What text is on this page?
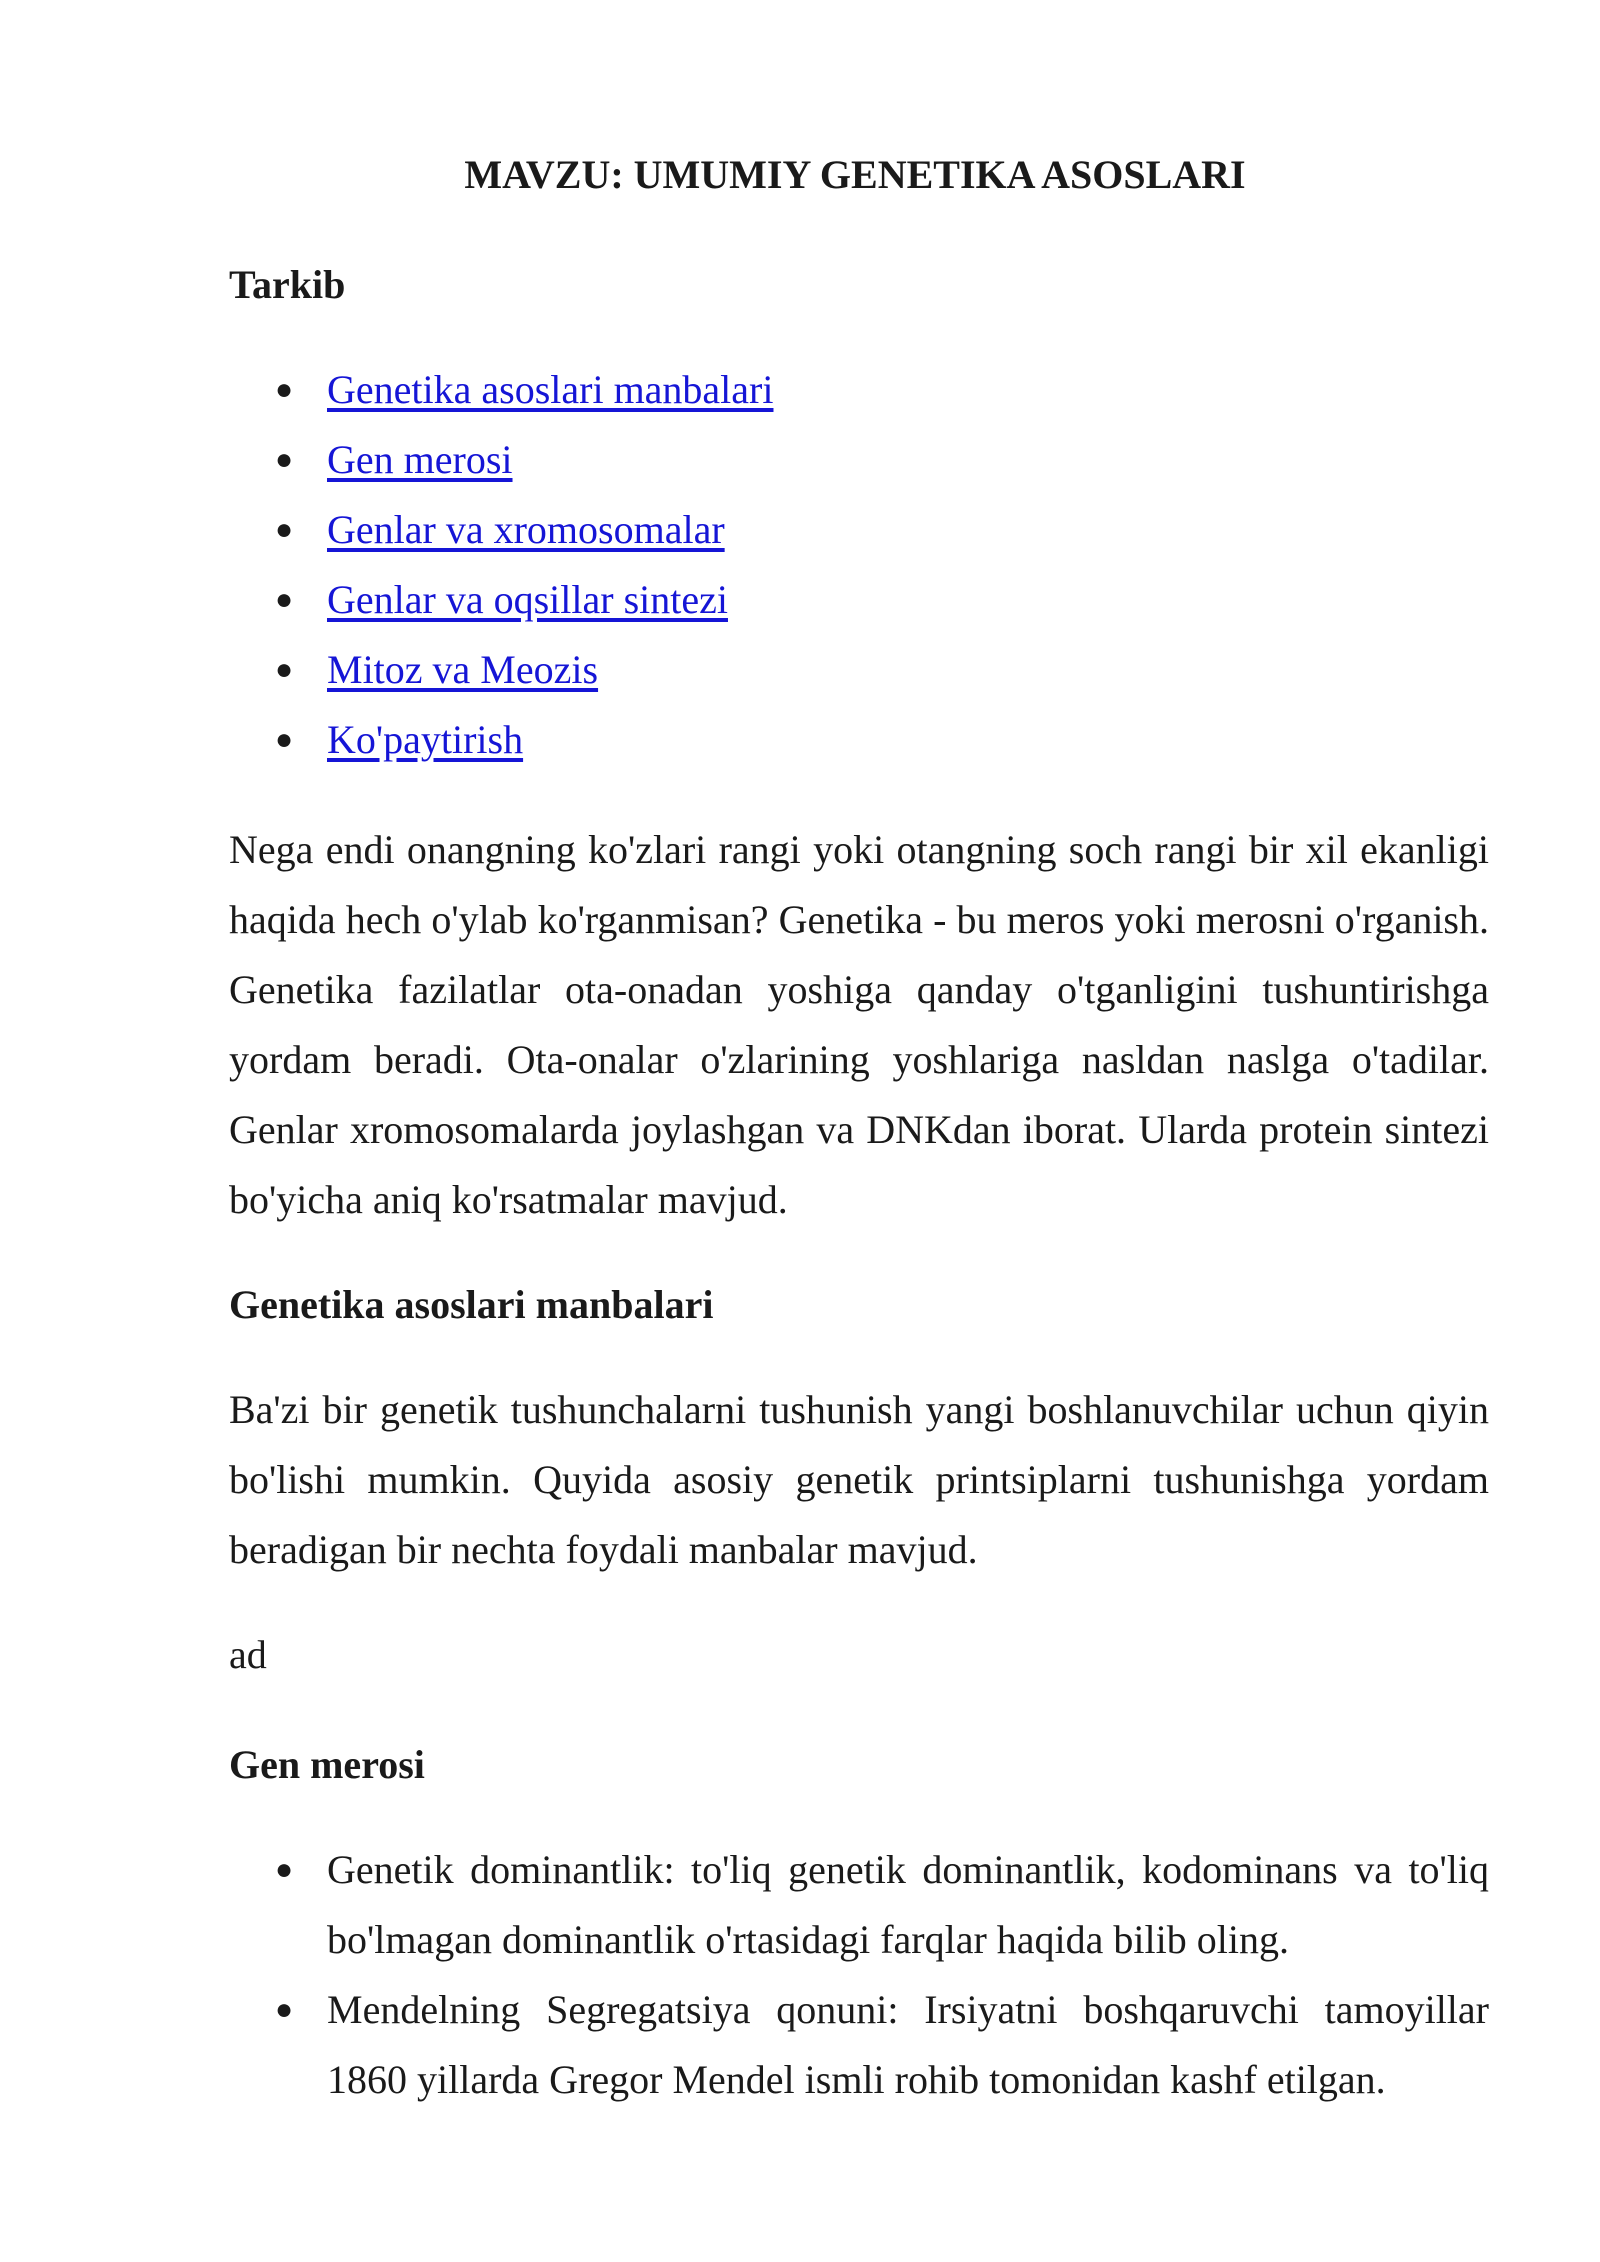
MAVZU: UMUMIY GENETIKA ASOSLARI
Tarkib
● Genetika asoslari manbalari
● Gen merosi
● Genlar va xromosomalar
● Genlar va oqsillar sintezi
● Mitoz va Meozis
● Ko'paytirish

Nega endi onangning ko'zlari rangi yoki otangning soch rangi bir xil ekanligi haqida hech o'ylab ko'rganmisan? Genetika - bu meros yoki merosni o'rganish. Genetika fazilatlar ota-onadan yoshiga qanday o'tganligini tushuntirishga yordam beradi. Ota-onalar o'zlarining yoshlariga nasldan naslga o'tadilar. Genlar xromosomalarda joylashgan va DNKdan iborat. Ularda protein sintezi bo'yicha aniq ko'rsatmalar mavjud.

Genetika asoslari manbalari

Ba'zi bir genetik tushunchalarni tushunish yangi boshlanuvchilar uchun qiyin bo'lishi mumkin. Quyida asosiy genetik printsiplarni tushunishga yordam beradigan bir nechta foydali manbalar mavjud.

ad
Gen merosi
● Genetik dominantlik: to'liq genetik dominantlik, kodominans va to'liq bo'lmagan dominantlik o'rtasidagi farqlar haqida bilib oling.
● Mendelning Segregatsiya qonuni: Irsiyatni boshqaruvchi tamoyillar 1860 yillarda Gregor Mendel ismli rohib tomonidan kashf etilgan.
